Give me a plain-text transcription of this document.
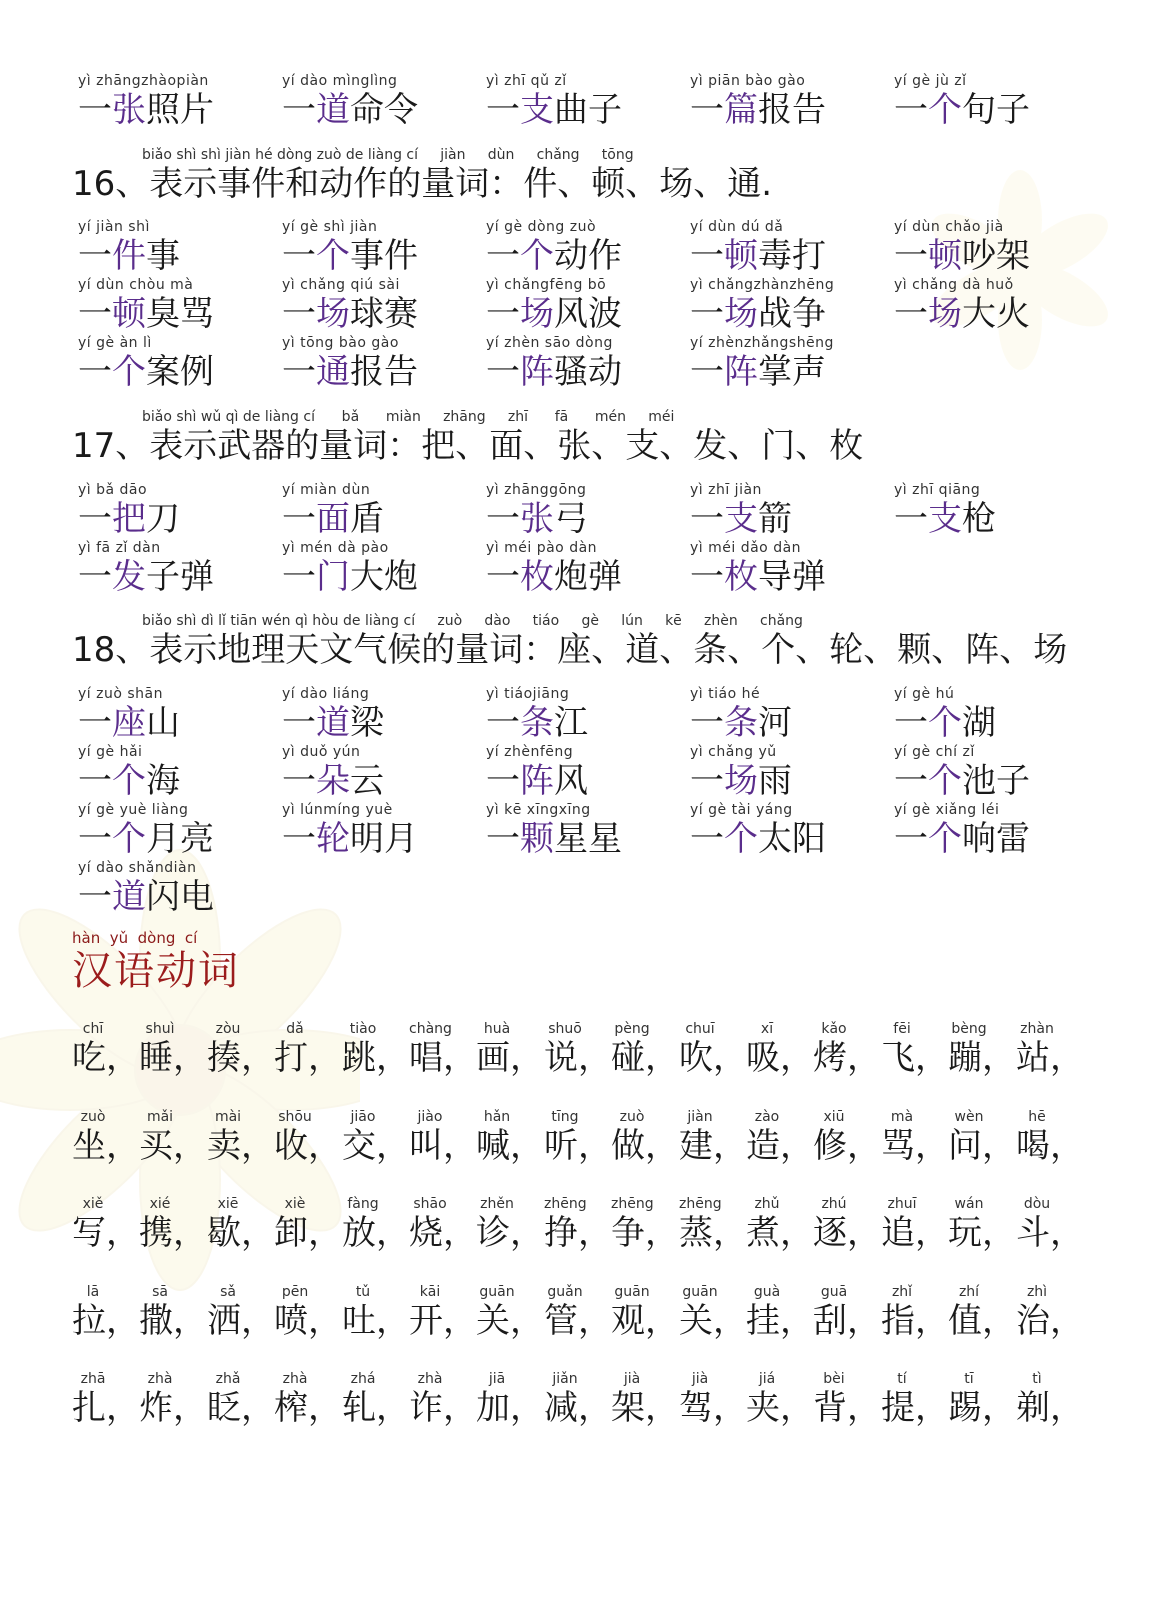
yì zhāngzhàopiàn
一张照片
yí dào mìnglìng
一道命令
yì zhī qǔ zǐ
一支曲子
yì piān bào gào
一篇报告
yí gè jù zǐ
一个句子
biǎo shì shì jiàn hé dòng zuò de liàng cí     jiàn     dùn     chǎng     tōng
16、表示事件和动作的量词：件、顿、场、通.
yí jiàn shì
一件事
yí gè shì jiàn
一个事件
yí gè dòng zuò
一个动作
yí dùn dú dǎ
一顿毒打
yí dùn chǎo jià
一顿吵架
yí dùn chòu mà
一顿臭骂
yì chǎng qiú sài
一场球赛
yì chǎngfēng bō
一场风波
yì chǎngzhànzhēng
一场战争
yì chǎng dà huǒ
一场大火
yí gè àn lì
一个案例
yì tōng bào gào
一通报告
yí zhèn sāo dòng
一阵骚动
yí zhènzhǎngshēng
一阵掌声
biǎo shì wǔ qì de liàng cí      bǎ      miàn     zhāng     zhī      fā      mén     méi
17、表示武器的量词：把、面、张、支、发、门、枚
yì bǎ dāo
一把刀
yí miàn dùn
一面盾
yì zhānggōng
一张弓
yì zhī jiàn
一支箭
yì zhī qiāng
一支枪
yì fā zǐ dàn
一发子弹
yì mén dà pào
一门大炮
yì méi pào dàn
一枚炮弹
yì méi dǎo dàn
一枚导弹
biǎo shì dì lǐ tiān wén qì hòu de liàng cí     zuò     dào     tiáo     gè     lún     kē     zhèn     chǎng
18、表示地理天文气候的量词：座、道、条、个、轮、颗、阵、场
yí zuò shān
一座山
yí dào liáng
一道梁
yì tiáojiāng
一条江
yì tiáo hé
一条河
yí gè hú
一个湖
yí gè hǎi
一个海
yì duǒ yún
一朵云
yí zhènfēng
一阵风
yì chǎng yǔ
一场雨
yí gè chí zǐ
一个池子
yí gè yuè liàng
一个月亮
yì lúnmíng yuè
一轮明月
yì kē xīngxīng
一颗星星
yí gè tài yáng
一个太阳
yí gè xiǎng léi
一个响雷
yí dào shǎndiàn
一道闪电
hàn  yǔ  dòng  cí
汉语动词
chī
吃，
shuì
睡，
zòu
揍，
dǎ
打，
tiào
跳，
chàng
唱，
huà
画，
shuō
说，
pèng
碰，
chuī
吹，
xī
吸，
kǎo
烤，
fēi
飞，
bèng
蹦，
zhàn
站，
zuò
坐，
mǎi
买，
mài
卖，
shōu
收，
jiāo
交，
jiào
叫，
hǎn
喊，
tīng
听，
zuò
做，
jiàn
建，
zào
造，
xiū
修，
mà
骂，
wèn
问，
hē
喝，
xiě
写，
xié
携，
xiē
歇，
xiè
卸，
fàng
放，
shāo
烧，
zhěn
诊，
zhēng
挣，
zhēng
争，
zhēng
蒸，
zhǔ
煮，
zhú
逐，
zhuī
追，
wán
玩，
dòu
斗，
lā
拉，
sā
撒，
sǎ
洒，
pēn
喷，
tǔ
吐，
kāi
开，
guān
关，
guǎn
管，
guān
观，
guān
关，
guà
挂，
guā
刮，
zhǐ
指，
zhí
值，
zhì
治，
zhā
扎，
zhà
炸，
zhǎ
眨，
zhà
榨，
zhá
轧，
zhà
诈，
jiā
加，
jiǎn
减，
jià
架，
jià
驾，
jiá
夹，
bèi
背，
tí
提，
tī
踢，
tì
剃，
